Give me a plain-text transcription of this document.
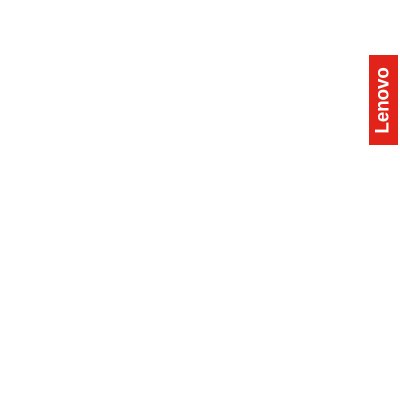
Lenovo
